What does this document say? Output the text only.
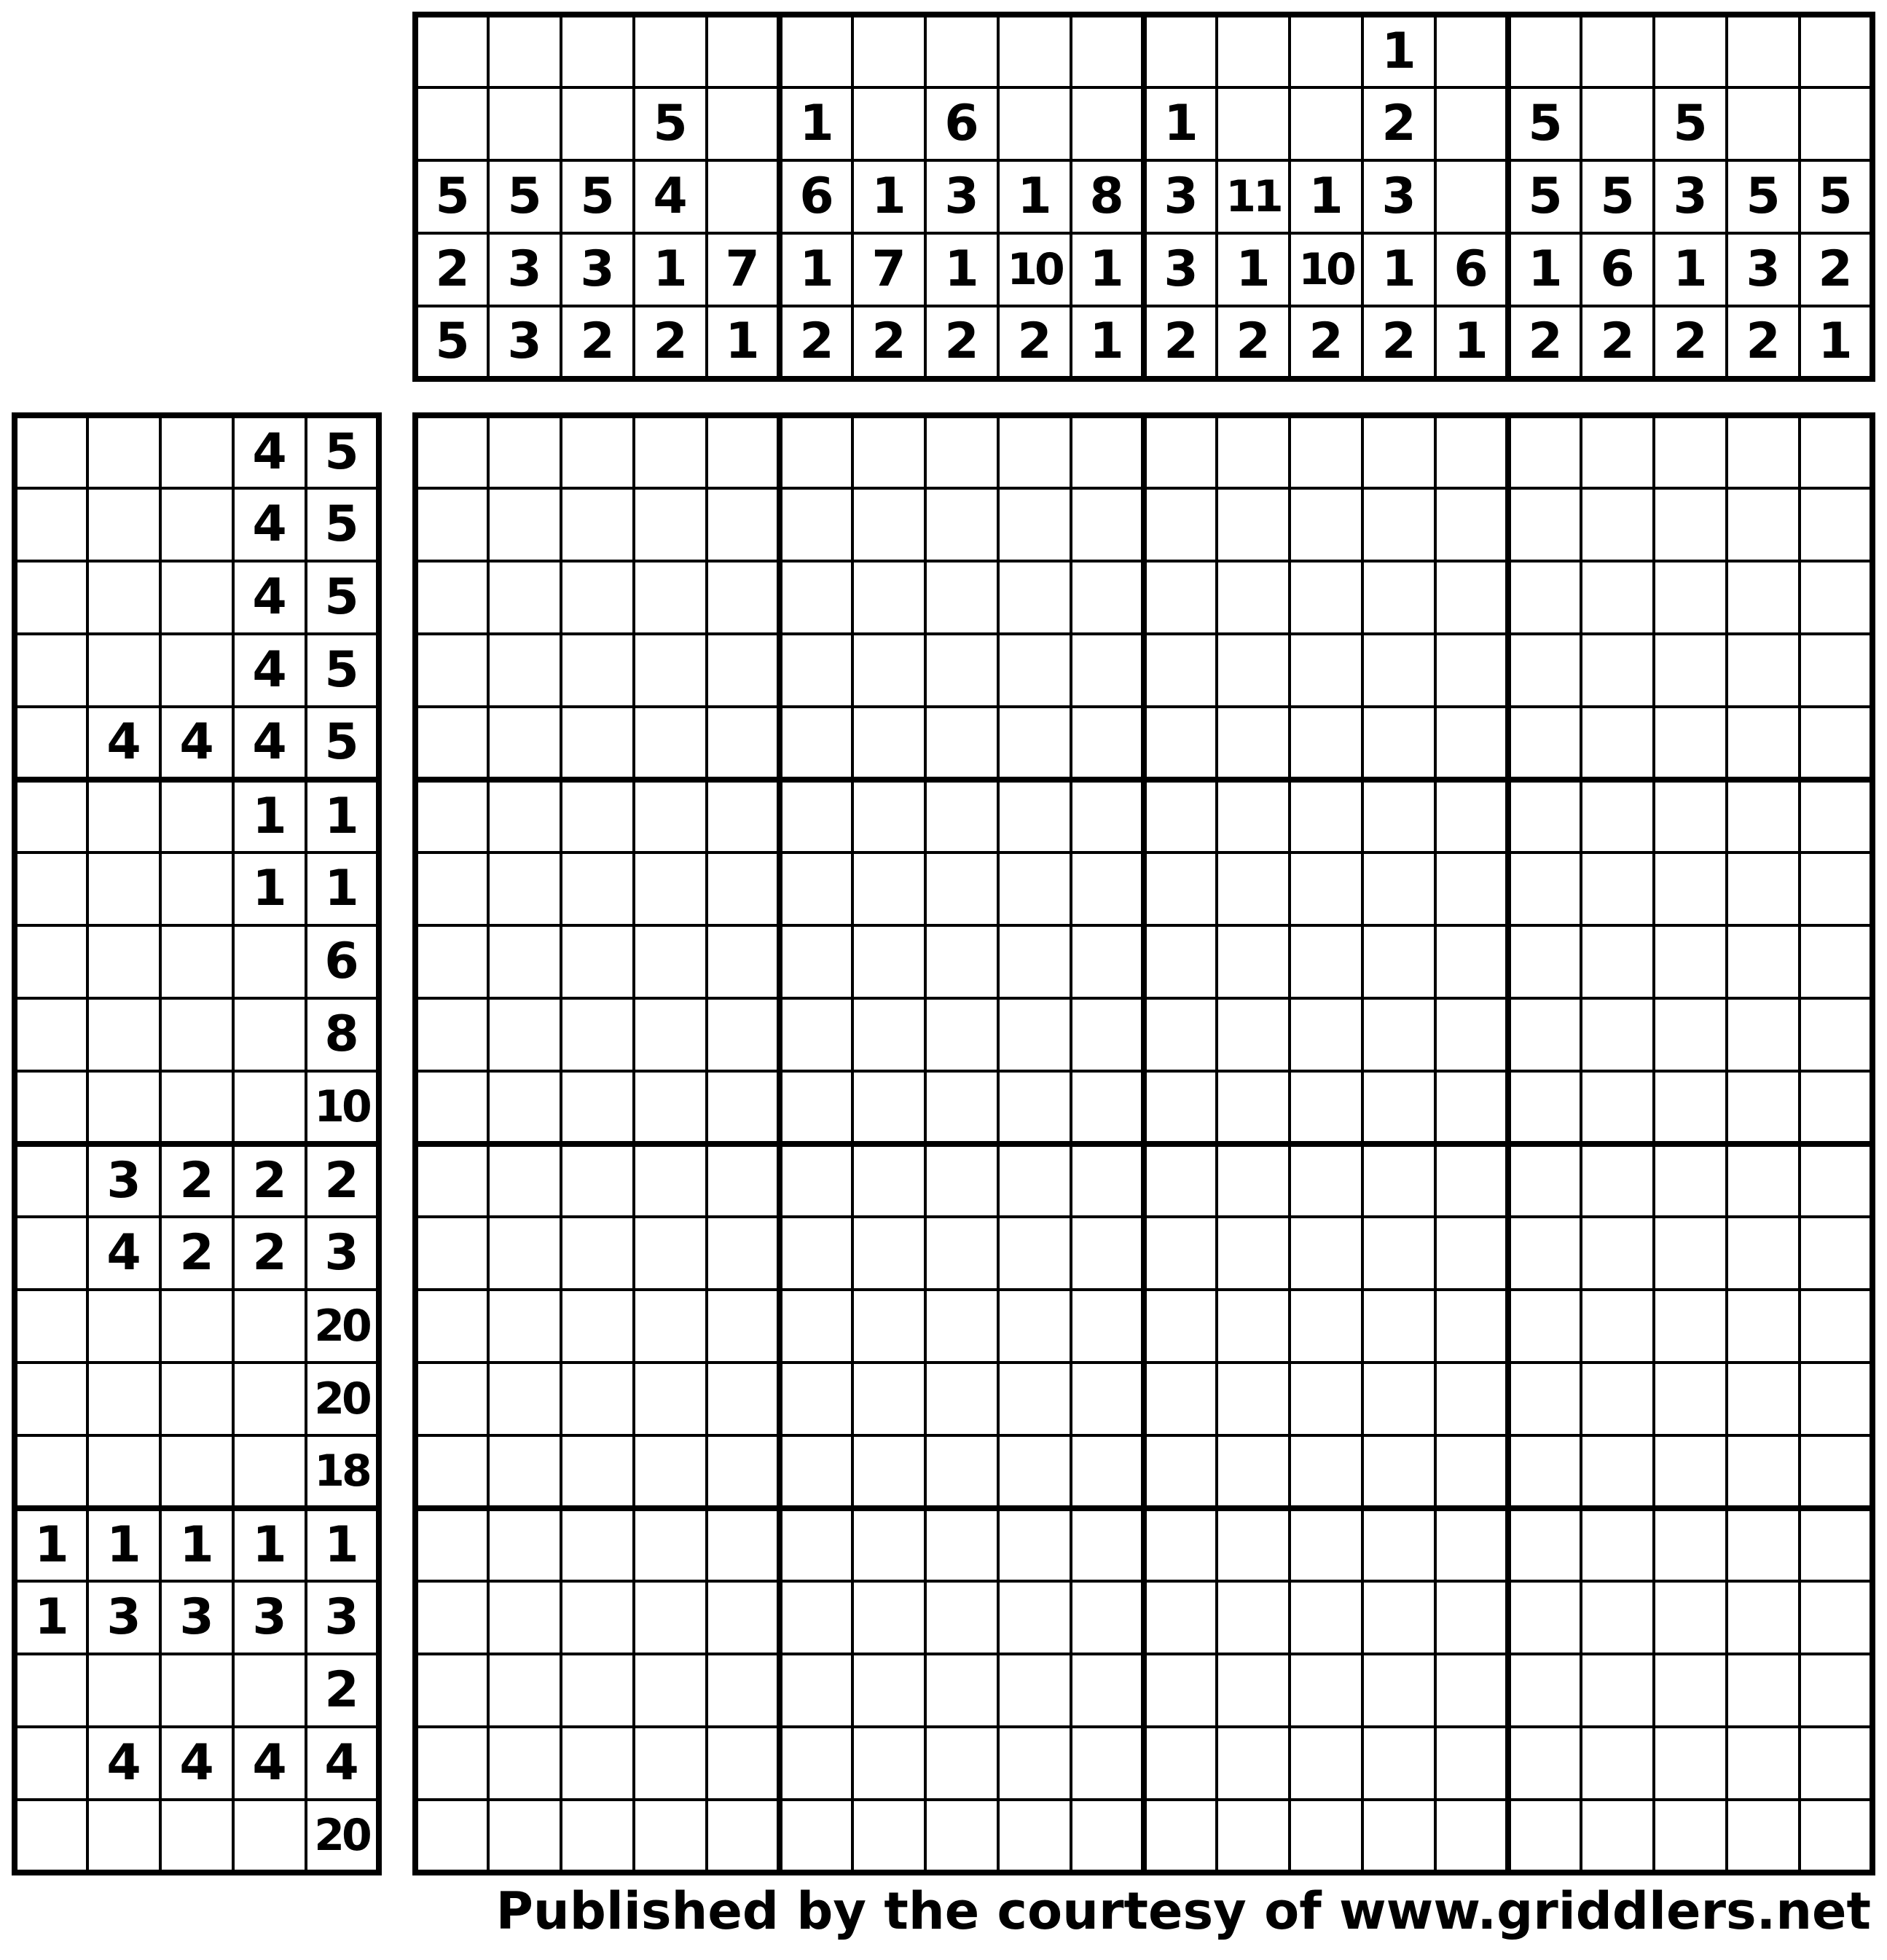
													1						
			5		1		6			1			2		5		5		
5	5	5	4		6	1	3	1	8	3	11	1	3		5	5	3	5	5
2	3	3	1	7	1	7	1	10	1	3	1	10	1	6	1	6	1	3	2
5	3	2	2	1	2	2	2	2	1	2	2	2	2	1	2	2	2	2	1
			4	5
			4	5
			4	5
			4	5
	4	4	4	5
			1	1
			1	1
				6
				8
				10
	3	2	2	2
	4	2	2	3
				20
				20
				18
1	1	1	1	1
1	3	3	3	3
				2
	4	4	4	4
				20

Published by the courtesy of www.griddlers.net
